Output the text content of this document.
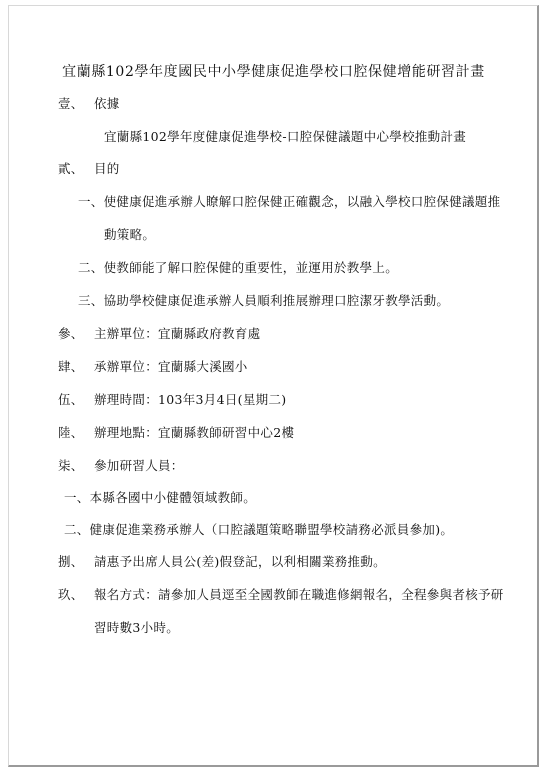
宜蘭縣102學年度國民中小學健康促進學校口腔保健增能研習計畫
壹、 依據
宜蘭縣102學年度健康促進學校-口腔保健議題中心學校推動計畫
貳、 目的
一、使健康促進承辦人瞭解口腔保健正確觀念，以融入學校口腔保健議題推
動策略。
二、使教師能了解口腔保健的重要性，並運用於教學上。
三、協助學校健康促進承辦人員順利推展辦理口腔潔牙教學活動。
參、 主辦單位：宜蘭縣政府教育處
肆、 承辦單位：宜蘭縣大溪國小
伍、 辦理時間：103年3月4日(星期二)
陸、 辦理地點：宜蘭縣教師研習中心2樓
柒、 參加研習人員：
一、本縣各國中小健體領域教師。
二、健康促進業務承辦人（口腔議題策略聯盟學校請務必派員參加)。
捌、 請惠予出席人員公(差)假登記，以利相關業務推動。
玖、 報名方式：請參加人員逕至全國教師在職進修網報名，全程參與者核予研
習時數3小時。
